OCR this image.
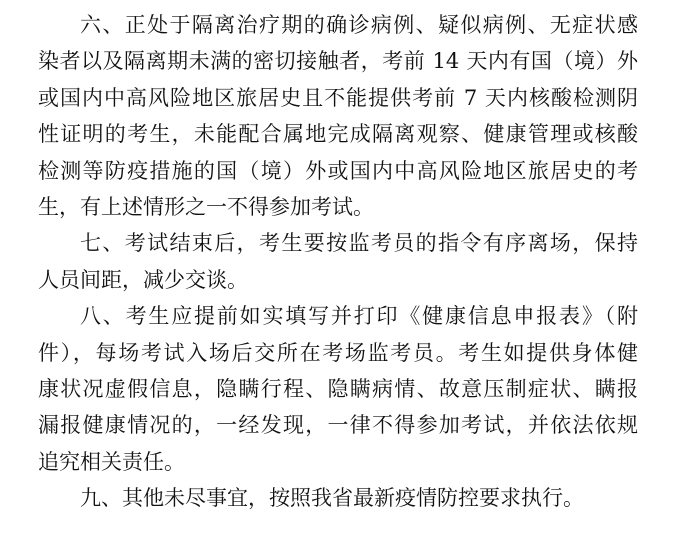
六、正处于隔离治疗期的确诊病例、疑似病例、无症状感
染者以及隔离期未满的密切接触者，考前 14 天内有国（境）外
或国内中高风险地区旅居史且不能提供考前 7 天内核酸检测阴
性证明的考生，未能配合属地完成隔离观察、健康管理或核酸
检测等防疫措施的国（境）外或国内中高风险地区旅居史的考
生，有上述情形之一不得参加考试。
七、考试结束后，考生要按监考员的指令有序离场，保持
人员间距，减少交谈。
八、考生应提前如实填写并打印《健康信息申报表》（附
件），每场考试入场后交所在考场监考员。考生如提供身体健
康状况虚假信息，隐瞒行程、隐瞒病情、故意压制症状、瞒报
漏报健康情况的，一经发现，一律不得参加考试，并依法依规
追究相关责任。
九、其他未尽事宜，按照我省最新疫情防控要求执行。
